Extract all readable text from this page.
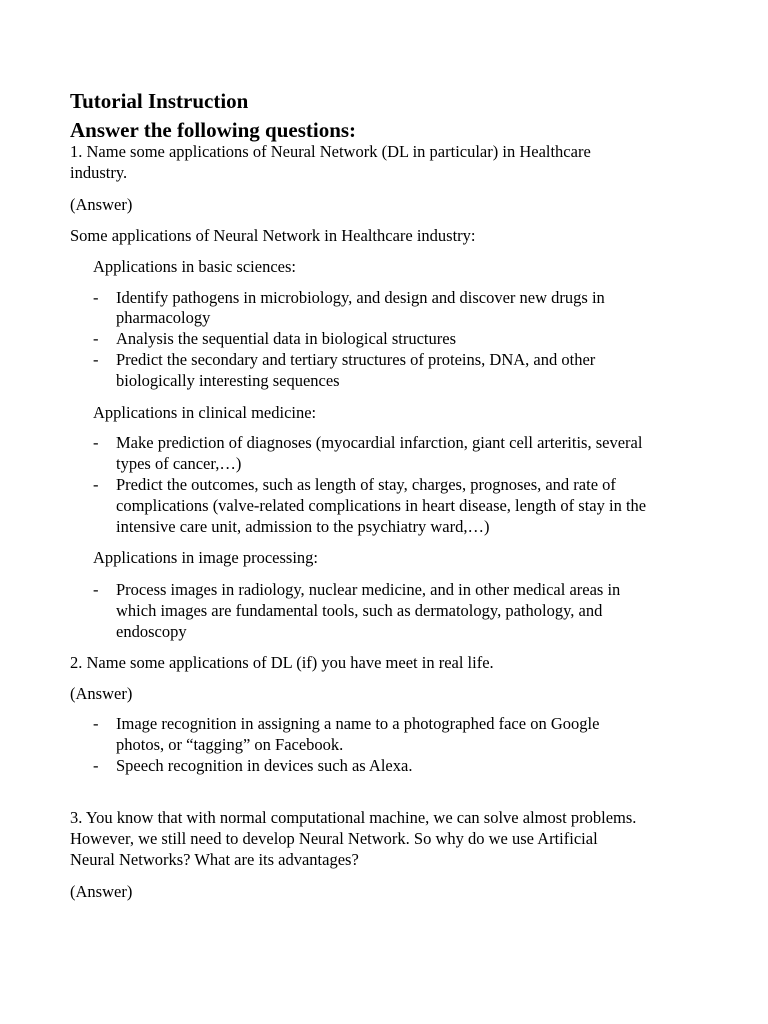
Tutorial Instruction
Answer the following questions:
1. Name some applications of Neural Network (DL in particular) in Healthcare
industry.
(Answer)
Some applications of Neural Network in Healthcare industry:
Applications in basic sciences:
- Identify pathogens in microbiology, and design and discover new drugs in
pharmacology
- Analysis the sequential data in biological structures
- Predict the secondary and tertiary structures of proteins, DNA, and other
biologically interesting sequences
Applications in clinical medicine:
- Make prediction of diagnoses (myocardial infarction, giant cell arteritis, several
types of cancer,…)
- Predict the outcomes, such as length of stay, charges, prognoses, and rate of
complications (valve-related complications in heart disease, length of stay in the
intensive care unit, admission to the psychiatry ward,…)
Applications in image processing:
- Process images in radiology, nuclear medicine, and in other medical areas in
which images are fundamental tools, such as dermatology, pathology, and
endoscopy
2. Name some applications of DL (if) you have meet in real life.
(Answer)
- Image recognition in assigning a name to a photographed face on Google
photos, or “tagging” on Facebook.
- Speech recognition in devices such as Alexa.
3. You know that with normal computational machine, we can solve almost problems.
However, we still need to develop Neural Network. So why do we use Artificial
Neural Networks? What are its advantages?
(Answer)
